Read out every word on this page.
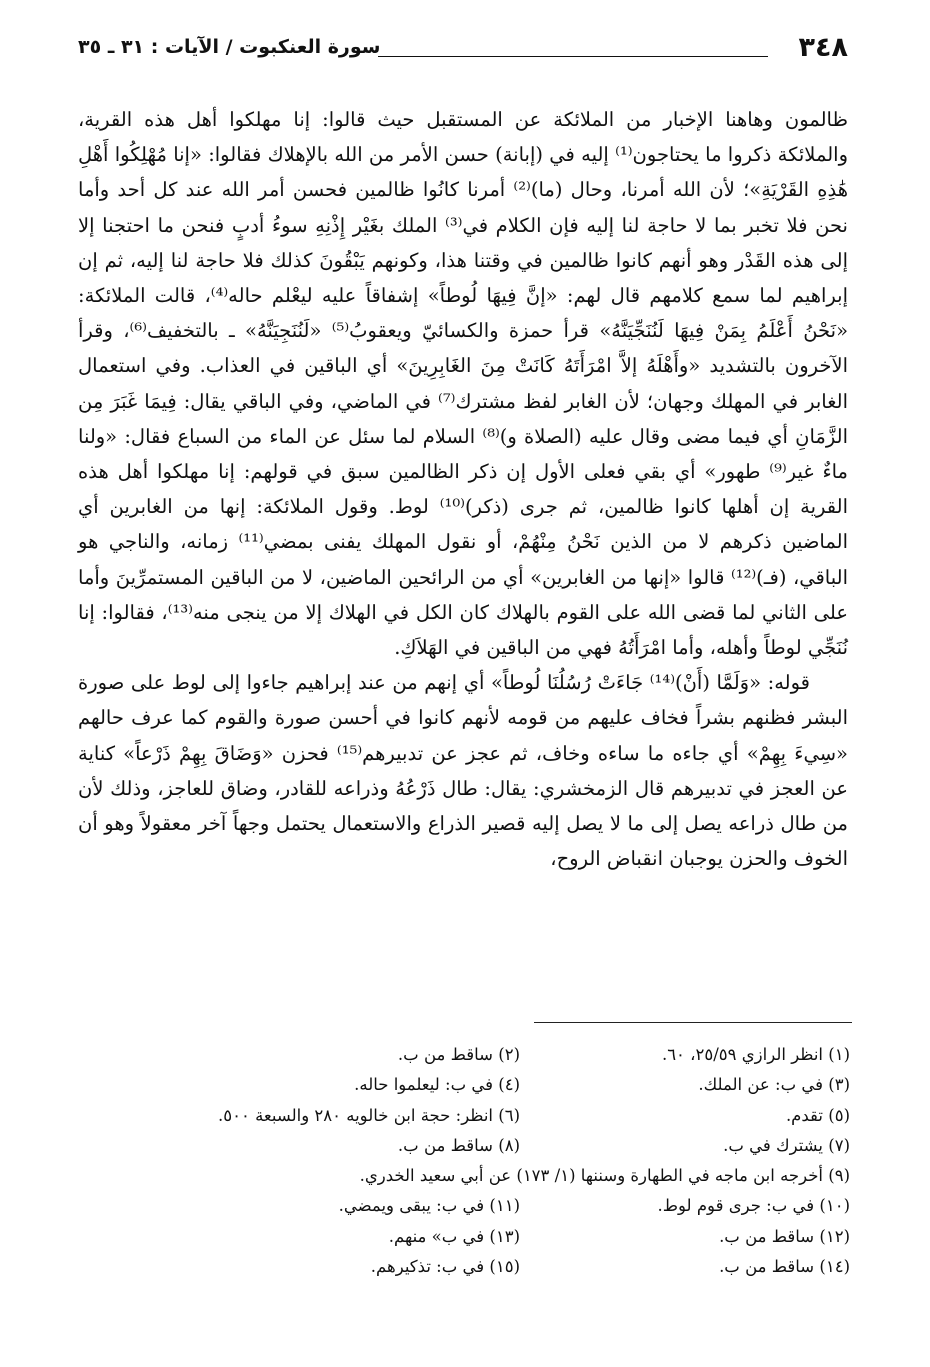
٣٤٨
سورة العنكبوت / الآيات : ٣١ ـ ٣٥

ظالمون وهاهنا الإخبار من الملائكة عن المستقبل حيث قالوا: إنا مهلكوا أهل هذه القرية، والملائكة ذكروا ما يحتاجون⁽¹⁾ إليه في (إبانة) حسن الأمر من الله بالإهلاك فقالوا: «إنا مُهْلِكُوا أَهْلِ هَٰذِهِ القَرْيَةِ»؛ لأن الله أمرنا، وحال (ما)⁽²⁾ أمرنا كانُوا ظالمين فحسن أمر الله عند كل أحد وأما نحن فلا تخبر بما لا حاجة لنا إليه فإن الكلام في⁽³⁾ الملك بغَيْر إِذْنِهِ سوءُ أدبٍ فنحن ما احتجنا إلا إلى هذه القَدْر وهو أنهم كانوا ظالمين في وقتنا هذا، وكونهم يَبْقُونَ كذلك فلا حاجة لنا إليه، ثم إن إبراهيم لما سمع كلامهم قال لهم: «إنَّ فِيهَا لُوطاً» إشفاقاً عليه ليعْلم حاله⁽⁴⁾، قالت الملائكة: «نَحْنُ أَعْلَمُ بِمَنْ فِيهَا لَنُنَجِّيَنَّهُ» قرأ حمزة والكسائيّ ويعقوبُ⁽⁵⁾ «لَنُنَجِيَنَّهُ» ـ بالتخفيف⁽⁶⁾، وقرأ الآخرون بالتشديد «وأَهْلَهُ إلاَّ امْرَأَتَهُ كَانَتْ مِنَ الغَابِرِينَ» أي الباقين في العذاب. وفي استعمال الغابر في المهلك وجهان؛ لأن الغابر لفظ مشترك⁽⁷⁾ في الماضي، وفي الباقي يقال: فِيمَا غَبَرَ مِن الزَّمَانِ أي فيما مضى وقال عليه (الصلاة و)⁽⁸⁾ السلام لما سئل عن الماء من السباع فقال: «ولنا ماءٌ غير⁽⁹⁾ طهور» أي بقي فعلى الأول إن ذكر الظالمين سبق في قولهم: إنا مهلكوا أهل هذه القرية إن أهلها كانوا ظالمين، ثم جرى (ذكر)⁽¹⁰⁾ لوط. وقول الملائكة: إنها من الغابرين أي الماضين ذكرهم لا من الذين نَحْنُ مِنْهُمْ، أو نقول المهلك يفنى بمضي⁽¹¹⁾ زمانه، والناجي هو الباقي، (فـ)⁽¹²⁾ قالوا «إنها من الغابرين» أي من الرائحين الماضين، لا من الباقين المستمرِّينَ وأما على الثاني لما قضى الله على القوم بالهلاك كان الكل في الهلاك إلا من ينجى منه⁽¹³⁾، فقالوا: إنا نُنَجِّي لوطاً وأهله، وأما امْرَأَتُهُ فهي من الباقين في الهَلاَكِ.

قوله: «وَلَمَّا (أَنْ)⁽¹⁴⁾ جَاءَتْ رُسُلُنَا لُوطاً» أي إنهم من عند إبراهيم جاءوا إلى لوط على صورة البشر فظنهم بشراً فخاف عليهم من قومه لأنهم كانوا في أحسن صورة والقوم كما عرف حالهم «سِيءَ بِهِمْ» أي جاءه ما ساءه وخاف، ثم عجز عن تدبيرهم⁽¹⁵⁾ فحزن «وَضَاقَ بِهِمْ ذَرْعاً» كناية عن العجز في تدبيرهم قال الزمخشري: يقال: طال ذَرْعُهُ وذراعه للقادر، وضاق للعاجز، وذلك لأن من طال ذراعه يصل إلى ما لا يصل إليه قصير الذراع والاستعمال يحتمل وجهاً آخر معقولاً وهو أن الخوف والحزن يوجبان انقباض الروح،

(١) انظر الرازي ٢٥/٥٩، ٦٠.
(٢) ساقط من ب.
(٣) في ب: عن الملك.
(٤) في ب: ليعلموا حاله.
(٥) تقدم.
(٦) انظر: حجة ابن خالويه ٢٨٠ والسبعة ٥٠٠.
(٧) يشترك في ب.
(٨) ساقط من ب.
(٩) أخرجه ابن ماجه في الطهارة وسننها (١/ ١٧٣) عن أبي سعيد الخدري.
(١٠) في ب: جرى قوم لوط.
(١١) في ب: يبقى ويمضي.
(١٢) ساقط من ب.
(١٣) في ب» منهم.
(١٤) ساقط من ب.
(١٥) في ب: تذكيرهم.
